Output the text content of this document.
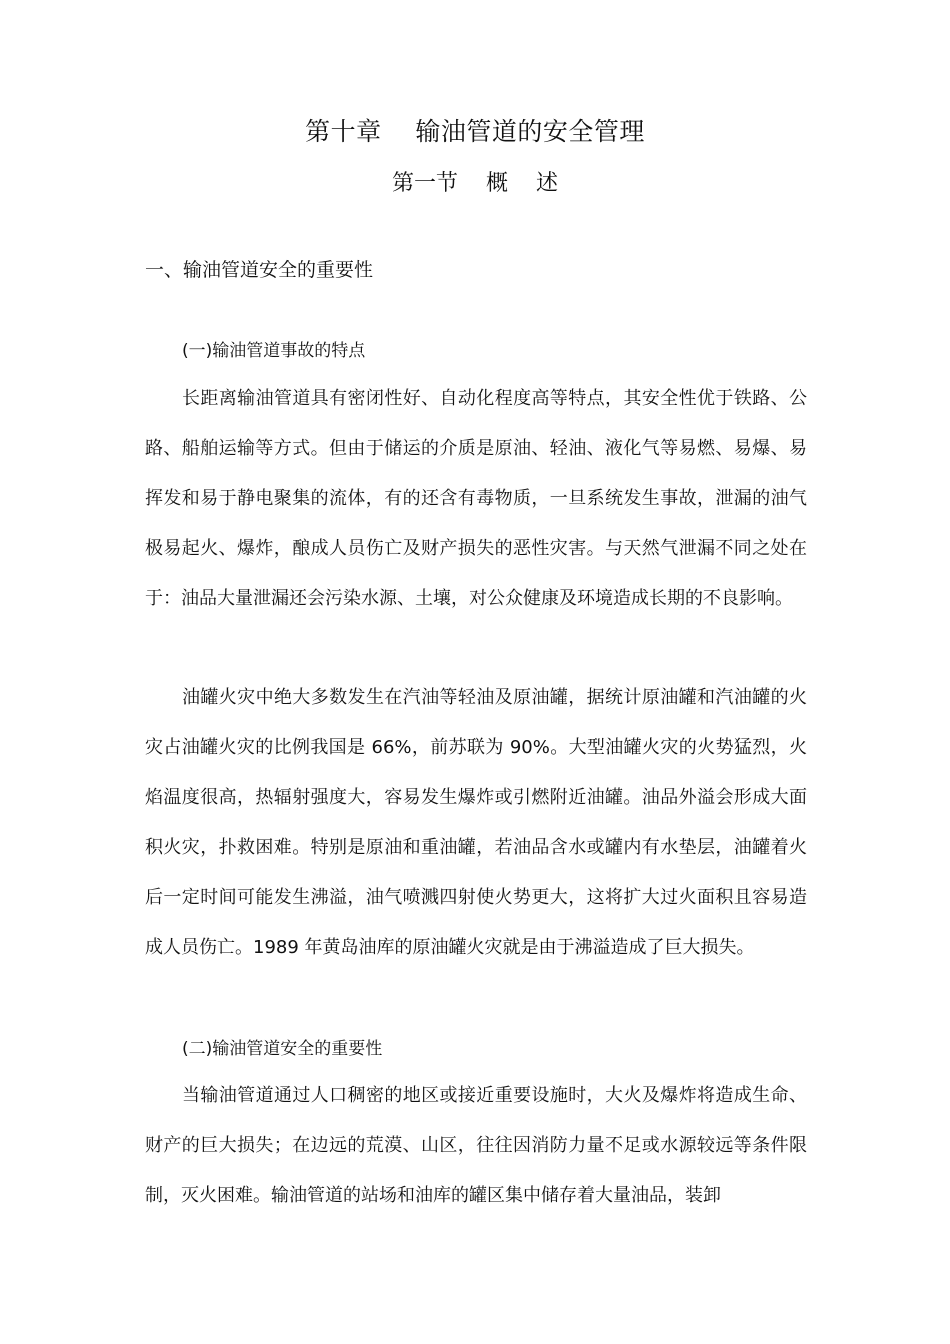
第十章    输油管道的安全管理
第一节    概    述
一、输油管道安全的重要性
(一)输油管道事故的特点

长距离输油管道具有密闭性好、自动化程度高等特点，其安全性优于铁路、公路、船舶运输等方式。但由于储运的介质是原油、轻油、液化气等易燃、易爆、易挥发和易于静电聚集的流体，有的还含有毒物质，一旦系统发生事故，泄漏的油气极易起火、爆炸，酿成人员伤亡及财产损失的恶性灾害。与天然气泄漏不同之处在于：油品大量泄漏还会污染水源、土壤，对公众健康及环境造成长期的不良影响。

油罐火灾中绝大多数发生在汽油等轻油及原油罐，据统计原油罐和汽油罐的火灾占油罐火灾的比例我国是 66%，前苏联为 90%。大型油罐火灾的火势猛烈，火焰温度很高，热辐射强度大，容易发生爆炸或引燃附近油罐。油品外溢会形成大面积火灾，扑救困难。特别是原油和重油罐，若油品含水或罐内有水垫层，油罐着火后一定时间可能发生沸溢，油气喷溅四射使火势更大，这将扩大过火面积且容易造成人员伤亡。1989 年黄岛油库的原油罐火灾就是由于沸溢造成了巨大损失。

(二)输油管道安全的重要性

当输油管道通过人口稠密的地区或接近重要设施时，大火及爆炸将造成生命、财产的巨大损失；在边远的荒漠、山区，往往因消防力量不足或水源较远等条件限制，灭火困难。输油管道的站场和油库的罐区集中储存着大量油品，装卸
